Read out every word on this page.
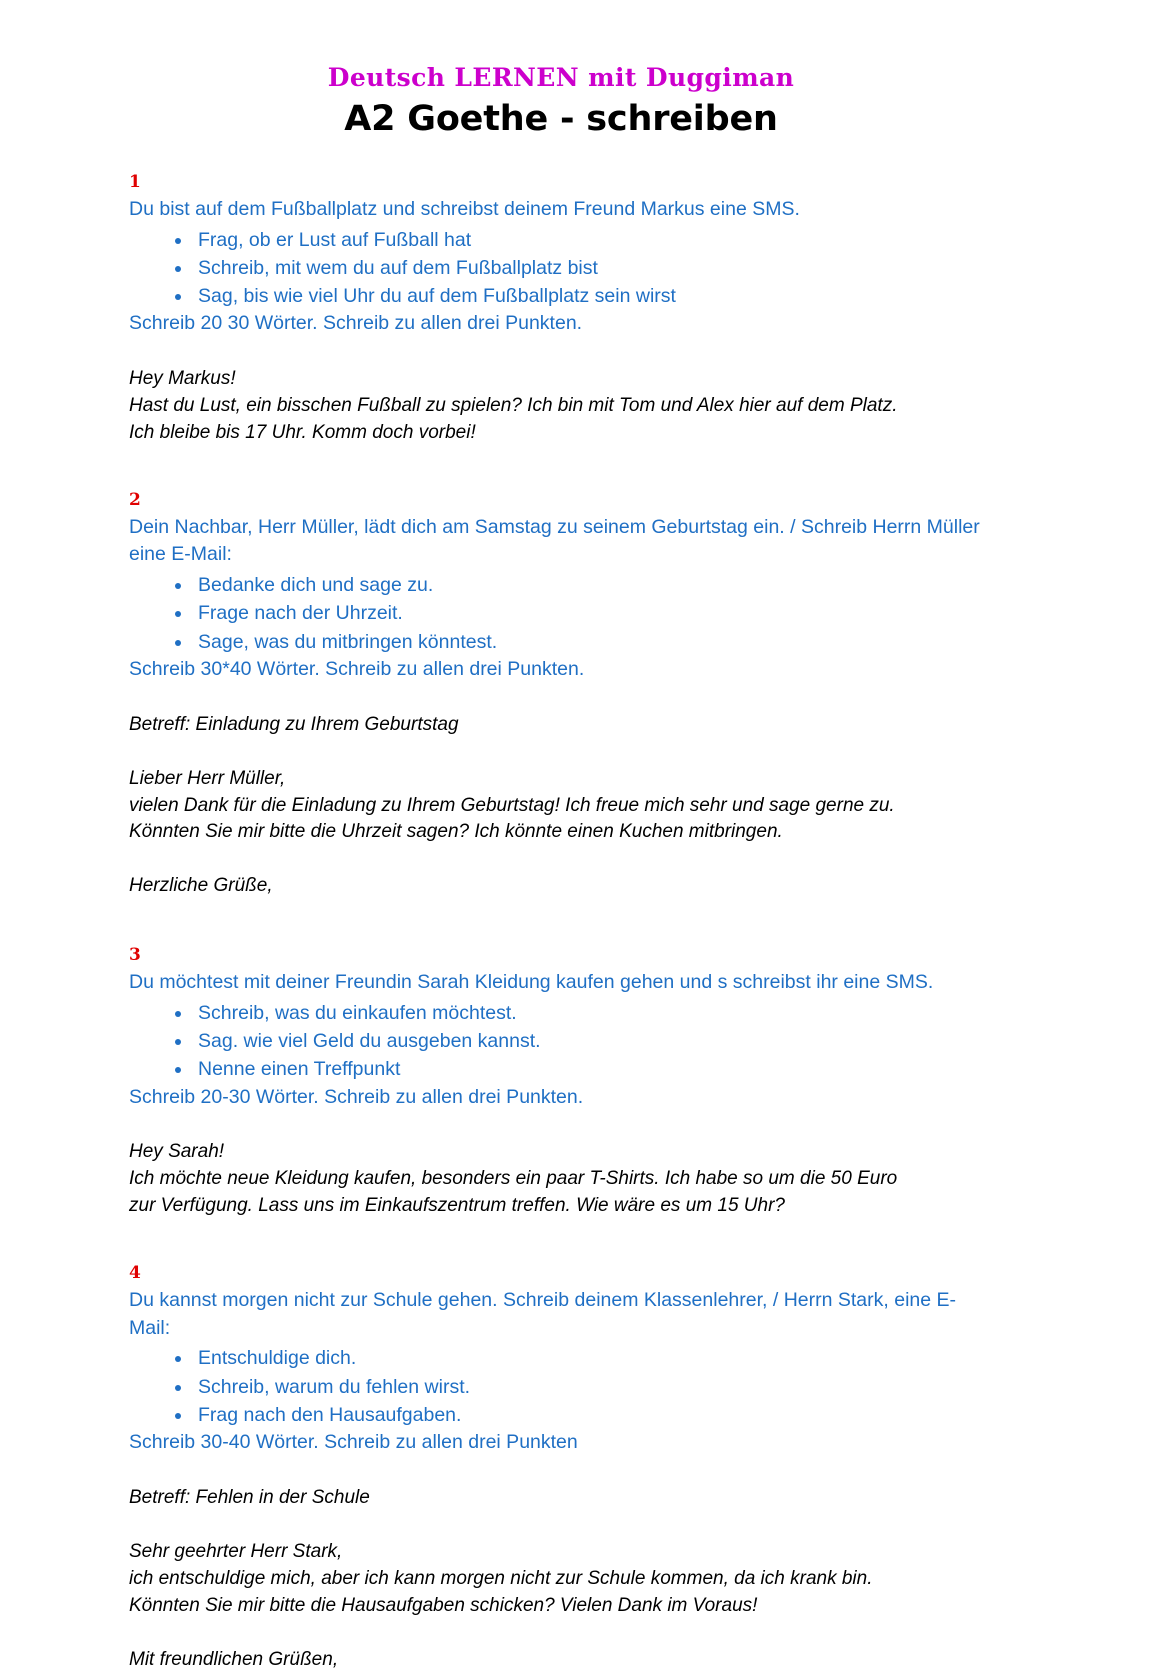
Deutsch LERNEN mit Duggiman

A2 Goethe - schreiben

1

Du bist auf dem Fußballplatz und schreibst deinem Freund Markus eine SMS.

Frag, ob er Lust auf Fußball hat
Schreib, mit wem du auf dem Fußballplatz bist
Sag, bis wie viel Uhr du auf dem Fußballplatz sein wirst

Schreib 20 30 Wörter. Schreib zu allen drei Punkten.

Hey Markus!

Hast du Lust, ein bisschen Fußball zu spielen? Ich bin mit Tom und Alex hier auf dem Platz.

Ich bleibe bis 17 Uhr. Komm doch vorbei!

2

Dein Nachbar, Herr Müller, lädt dich am Samstag zu seinem Geburtstag ein. / Schreib Herrn Müller eine E-Mail:

Bedanke dich und sage zu.
Frage nach der Uhrzeit.
Sage, was du mitbringen könntest.

Schreib 30*40 Wörter. Schreib zu allen drei Punkten.

Betreff: Einladung zu Ihrem Geburtstag

Lieber Herr Müller,

vielen Dank für die Einladung zu Ihrem Geburtstag! Ich freue mich sehr und sage gerne zu.

Könnten Sie mir bitte die Uhrzeit sagen? Ich könnte einen Kuchen mitbringen.

Herzliche Grüße,

3

Du möchtest mit deiner Freundin Sarah Kleidung kaufen gehen und s schreibst ihr eine SMS.

Schreib, was du einkaufen möchtest.
Sag. wie viel Geld du ausgeben kannst.
Nenne einen Treffpunkt

Schreib 20-30 Wörter. Schreib zu allen drei Punkten.

Hey Sarah!

Ich möchte neue Kleidung kaufen, besonders ein paar T-Shirts. Ich habe so um die 50 Euro

zur Verfügung. Lass uns im Einkaufszentrum treffen. Wie wäre es um 15 Uhr?

4

Du kannst morgen nicht zur Schule gehen. Schreib deinem Klassenlehrer, / Herrn Stark, eine E-Mail:

Entschuldige dich.
Schreib, warum du fehlen wirst.
Frag nach den Hausaufgaben.

Schreib 30-40 Wörter. Schreib zu allen drei Punkten

Betreff: Fehlen in der Schule

Sehr geehrter Herr Stark,

ich entschuldige mich, aber ich kann morgen nicht zur Schule kommen, da ich krank bin.

Könnten Sie mir bitte die Hausaufgaben schicken? Vielen Dank im Voraus!

Mit freundlichen Grüßen,
